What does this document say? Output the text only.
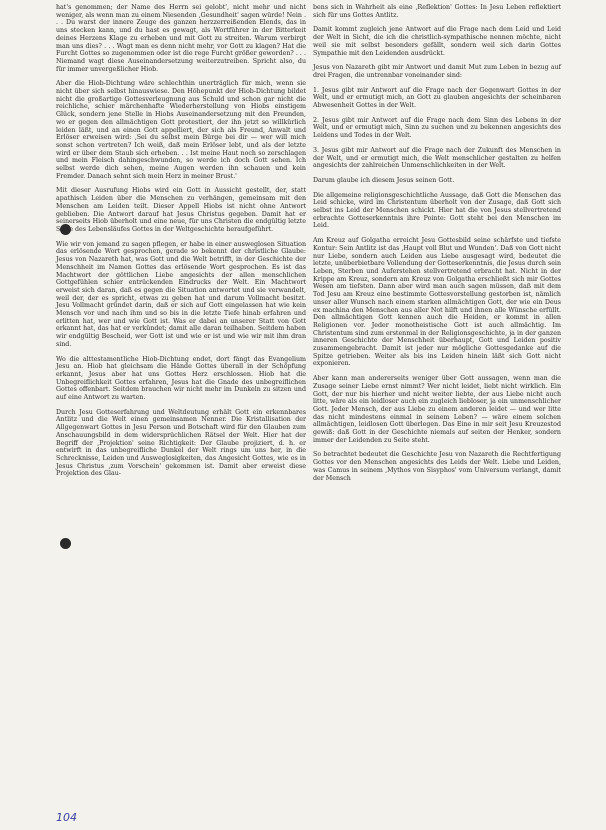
hat's genommen; der Name des Herrn sei gelobt', nicht mehr und nicht weniger, als wenn man zu einem Niesenden ‚Gesundheit' sagen würde! Nein . . . Du warst der innere Zeuge des ganzen herzzerreißenden Elends, das in uns stecken kann, und du hast es gewagt, als Wortführer in der Bitterkeit deines Herzens Klage zu erheben und mit Gott zu streiten. Warum verbirgt man uns dies? . . . Wagt man es denn nicht mehr, vor Gott zu klagen? Hat die Furcht Gottes so zugenommen oder ist die rege Furcht größer geworden? . . . Niemand wagt diese Auseinandersetzung weiterzutreiben. Spricht also, du für immer unvergeßlicher Hiob.

Aber die Hiob-Dichtung wäre schlechthin unerträglich für mich, wenn sie nicht über sich selbst hinauswiese. Den Höhepunkt der Hiob-Dichtung bildet nicht die großartige Gottesverleugnung aus Schuld und schon gar nicht die reichliche, schier märchenhafte Wiederherstellung von Hiobs einstigem Glück, sondern jene Stelle in Hiobs Auseinandersetzung mit den Freunden, wo er gegen den allmächtigen Gott protestiert, der ihn jetzt so willkürlich leiden läßt, und an einen Gott appelliert, der sich als Freund, Anwalt und Erlöser erweisen wird: ‚Sei du selbst mein Bürge bei dir — wer will mich sonst schon vertreten? Ich weiß, daß mein Erlöser lebt, und als der letzte wird er über dem Staub sich erheben. . . Ist meine Haut noch so zerschlagen und mein Fleisch dahingeschwunden, so werde ich doch Gott sehen. Ich selbst werde dich sehen, meine Augen werden ihn schauen und kein Fremder. Danach sehnt sich mein Herz in meiner Brust.'

Mit dieser Ausrufung Hiobs wird ein Gott in Aussicht gestellt, der, statt apathisch Leiden über die Menschen zu verhängen, gemeinsam mit den Menschen am Leiden teilt. Dieser Appell Hiobs ist nicht ohne Antwort geblieben. Die Antwort darauf hat Jesus Christus gegeben. Damit hat er seinerseits Hiob überholt und eine neue, für uns Christen die endgültig letzte Stufe des Lebensläufes Gottes in der Weltgeschichte heraufgeführt.

Wie wir von jemand zu sagen pflegen, er habe in einer ausweglosen Situation das erlösende Wort gesprochen, gerade so bekennt der christliche Glaube: Jesus von Nazareth hat, was Gott und die Welt betrifft, in der Geschichte der Menschheit im Namen Gottes das erlösende Wort gesprochen. Es ist das Machtwort der göttlichen Liebe angesichts der allen menschlichen Gottgefühlen schier entrückenden Eindrucks der Welt. Ein Machtwort erweist sich daran, daß es gegen die Situation antwortet und sie verwandelt, weil der, der es spricht, etwas zu geben hat und darum Vollmacht besitzt. Jesu Vollmacht gründet darin, daß er sich auf Gott eingelassen hat wie kein Mensch vor und nach ihm und so bis in die letzte Tiefe hinab erfahren und erlitten hat, wer und wie Gott ist. Was er dabei an unserer Statt von Gott erkannt hat, das hat er verkündet; damit alle daran teilhaben. Seitdem haben wir endgültig Bescheid, wer Gott ist und wie er ist und wie wir mit ihm dran sind.

Wo die alttestamentliche Hiob-Dichtung endet, dort fängt das Evangelium Jesu an. Hiob hat gleichsam die Hände Gottes überall in der Schöpfung erkannt, Jesus aber hat uns Gottes Herz erschlossen. Hiob hat die Unbegreiflichkeit Gottes erfahren, Jesus hat die Gnade des unbegreiflichen Gottes offenbart. Seitdem brauchen wir nicht mehr im Dunkeln zu sitzen und auf eine Antwort zu warten.

Durch Jesu Gotteserfahrung und Weltdeutung erhält Gott ein erkennbares Antlitz und die Welt einen gemeinsamen Nenner. Die Kristallisation der Allgegenwart Gottes in Jesu Person und Botschaft wird für den Glauben zum Anschauungsbild in dem widersprüchlichen Rätsel der Welt. Hier hat der Begriff der ‚Projektion' seine Richtigkeit: Der Glaube projiziert, d. h. er entwirft in das unbegreifliche Dunkel der Welt rings um uns her, in die Schrecknisse, Leiden und Ausweglosigkeiten, das Angesicht Gottes, wie es in Jesus Christus ‚zum Vorschein' gekommen ist. Damit aber erweist diese Projektion des Glau-

bens sich in Wahrheit als eine ‚Reflektion' Gottes: In Jesu Leben reflektiert sich für uns Gottes Antlitz.

Damit kommt zugleich jene Antwort auf die Frage nach dem Leid und Leid der Welt in Sicht, die ich die christlich-sympathische nennen möchte, nicht weil sie mit selbst besonders gefällt, sondern weil sich darin Gottes Sympathie mit den Leidenden ausdrückt.

Jesus von Nazareth gibt mir Antwort und damit Mut zum Leben in bezug auf drei Fragen, die untrennbar voneinander sind:

1. Jesus gibt mir Antwort auf die Frage nach der Gegenwart Gottes in der Welt, und er ermutigt mich, an Gott zu glauben angesichts der scheinbaren Abwesenheit Gottes in der Welt.

2. Jesus gibt mir Antwort auf die Frage nach dem Sinn des Lebens in der Welt, und er ermutigt mich, Sinn zu suchen und zu bekennen angesichts des Leidens und Todes in der Welt.

3. Jesus gibt mir Antwort auf die Frage nach der Zukunft des Menschen in der Welt, und er ermutigt mich, die Welt menschlicher gestalten zu helfen angesichts der zahlreichen Unmenschlichkeiten in der Welt.

Darum glaube ich diesem Jesus seinen Gott.

Die allgemeine religionsgeschichtliche Aussage, daß Gott die Menschen das Leid schicke, wird im Christentum überholt von der Zusage, daß Gott sich selbst ins Leid der Menschen schickt. Hier hat die von Jesus stellvertretend erbrachte Gotteserkenntnis ihre Pointe: Gott steht bei den Menschen im Leid.

Am Kreuz auf Golgatha erreicht Jesu Gottesbild seine schärfste und tiefste Kontur: Sein Antlitz ist das ‚Haupt voll Blut und Wunden'. Daß von Gott nicht nur Liebe, sondern auch Leiden aus Liebe ausgesagt wird, bedeutet die letzte, unüberbietbare Vollendung der Gotteserkenntnis, die Jesus durch sein Leben, Sterben und Auferstehen stellvertretend erbracht hat. Nicht in der Krippe am Kreuz, sondern am Kreuz von Golgatha erschließt sich mir Gottes Wesen am tiefsten. Dann aber wird man auch sagen müssen, daß mit dem Tod Jesu am Kreuz eine bestimmte Gottesvorstellung gestorben ist, nämlich unser aller Wunsch nach einem starken allmächtigen Gott, der wie ein Deus ex machina den Menschen aus aller Not hilft und ihnen alle Wünsche erfüllt. Den allmächtigen Gott kennen auch die Heiden, er kommt in allen Religionen vor. Jeder monotheistische Gott ist auch allmächtig. Im Christentum sind zum erstenmal in der Religionsgeschichte, ja in der ganzen inneren Geschichte der Menschheit überhaupt, Gott und Leiden positiv zusammengebracht. Damit ist jeder nur mögliche Gottesgedanke auf die Spitze getrieben. Weiter als bis ins Leiden hinein läßt sich Gott nicht exponieren.

Aber kann man andererseits weniger über Gott aussagen, wenn man die Zusage seiner Liebe ernst nimmt? Wer nicht leidet, liebt nicht wirklich. Ein Gott, der nur bis hierher und nicht weiter liebte, der aus Liebe nicht auch litte, wäre als ein leidloser auch ein zugleich liebloser, ja ein unmenschlicher Gott. Jeder Mensch, der aus Liebe zu einem anderen leidet — und wer litte das nicht mindestens einmal in seinem Leben? — wäre einem solchen allmächtigen, leidlosen Gott überlegen. Das Eine in mir seit Jesu Kreuzestod gewiß: daß Gott in der Geschichte niemals auf seiten der Henker, sondern immer der Leidenden zu Seite steht.

So betrachtet bedeutet die Geschichte Jesu von Nazareth die Rechtfertigung Gottes vor den Menschen angesichts des Leids der Welt. Liebe und Leiden, was Camus in seinem ‚Mythos von Sisyphos' vom Universum verlangt, damit der Mensch

104
